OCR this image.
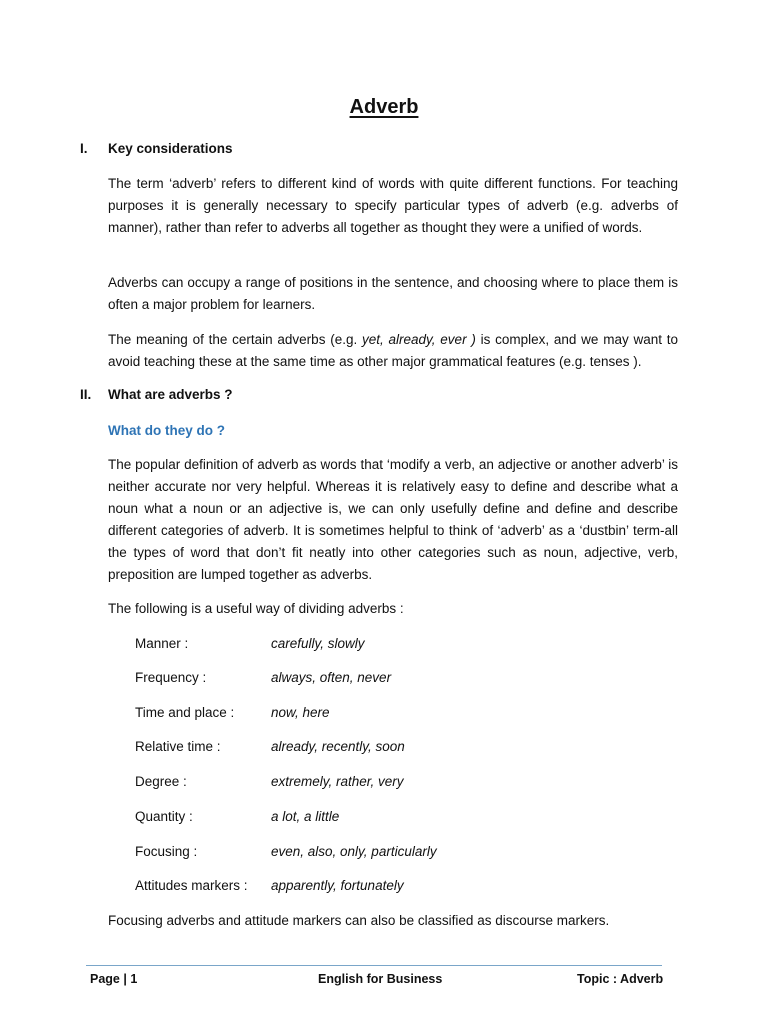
Adverb
I.	Key considerations
The term ‘adverb’ refers to different kind of words with quite different functions. For teaching purposes it is generally necessary to specify particular types of adverb (e.g. adverbs of manner), rather than refer to adverbs all together as thought they were a unified of words.
Adverbs can occupy a range of positions in the sentence, and choosing where to place them is often a major problem for learners.
The meaning of the certain adverbs (e.g. yet, already, ever ) is complex, and we may want to avoid teaching these at the same time as other major grammatical features (e.g. tenses ).
II.	What are adverbs ?
What do they do ?
The popular definition of adverb as words that ‘modify a verb, an adjective or another adverb’ is neither accurate nor very helpful. Whereas it is relatively easy to define and describe what a noun what a noun or an adjective is, we can only usefully define and define and describe different categories of adverb. It is sometimes helpful to think of ‘adverb’ as a ‘dustbin’ term-all the types of word that don’t fit neatly into other categories such as noun, adjective, verb, preposition are lumped together as adverbs.
The following is a useful way of dividing adverbs :
Manner :	carefully, slowly
Frequency :	always, often, never
Time and place :	now, here
Relative time :	already, recently, soon
Degree :	extremely, rather, very
Quantity :	a lot, a little
Focusing :	even, also, only, particularly
Attitudes markers :	apparently, fortunately
Focusing adverbs and attitude markers can also be classified as discourse markers.
Page | 1	English for Business	Topic : Adverb
